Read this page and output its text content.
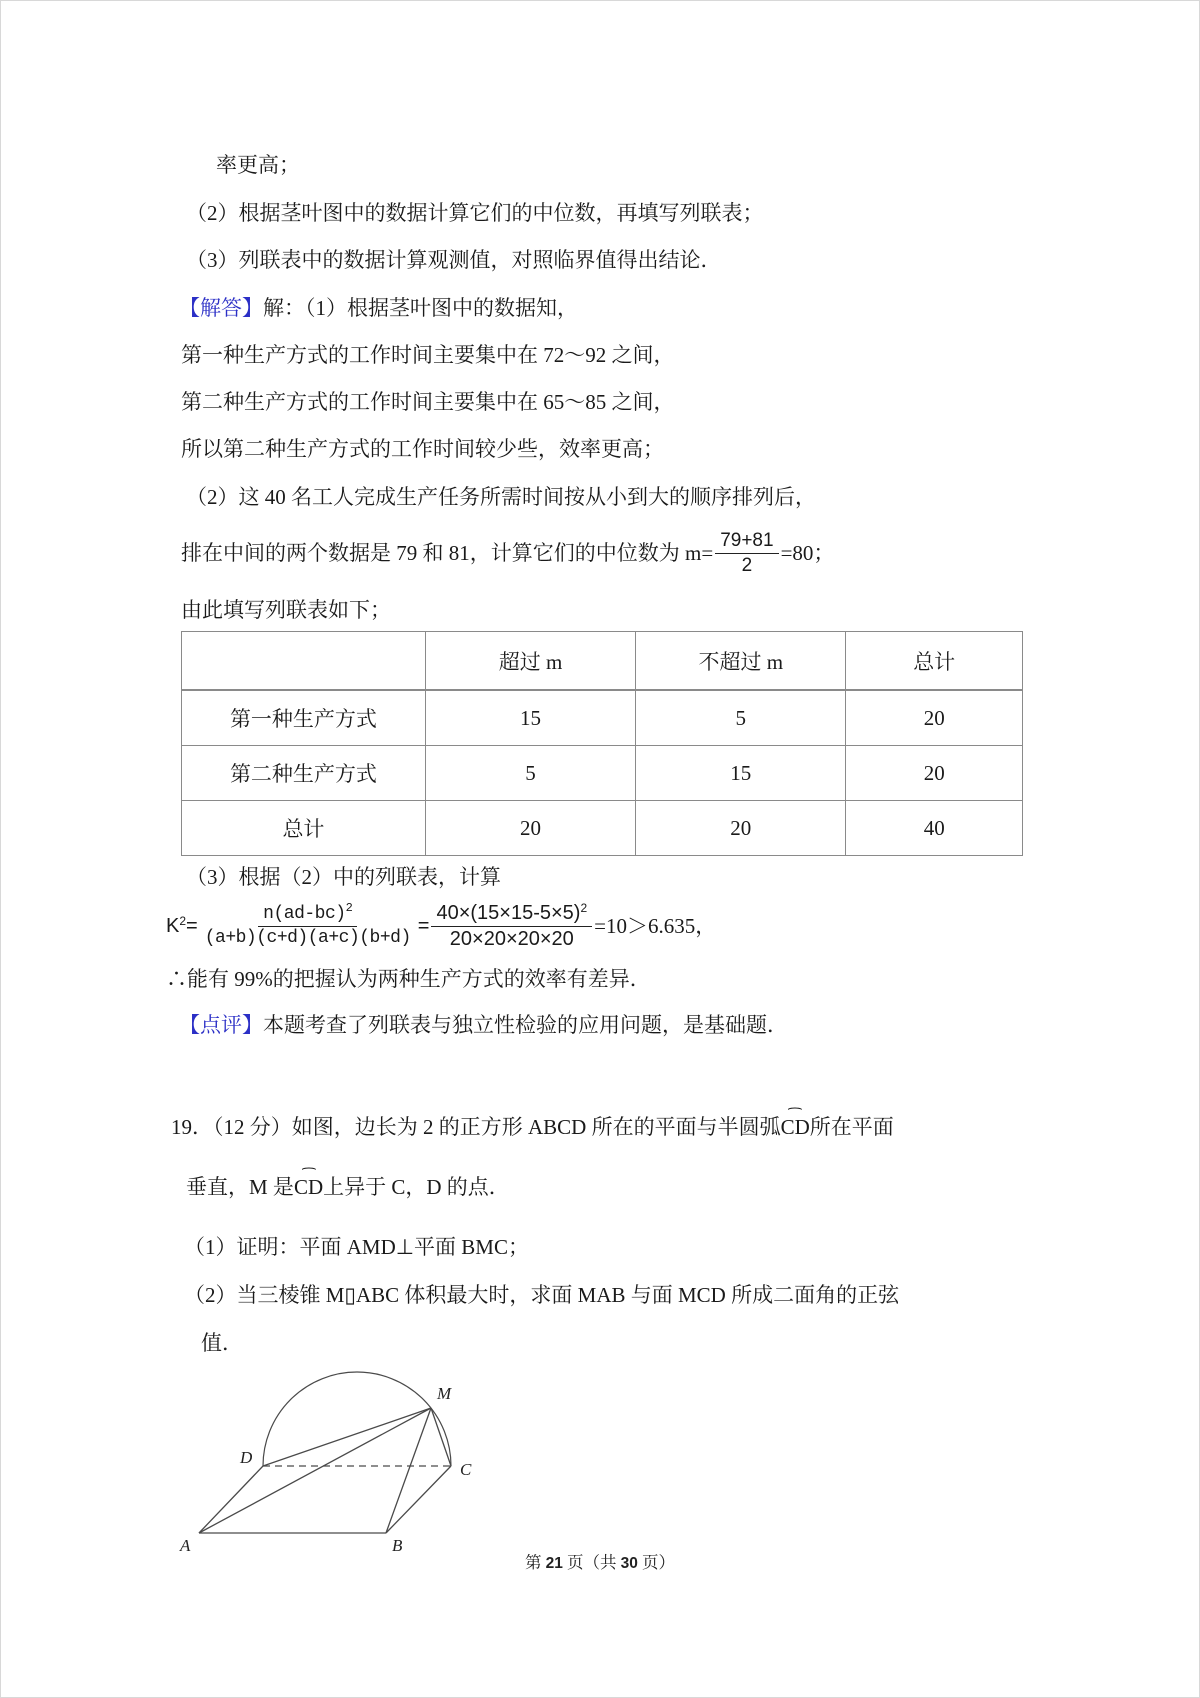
率更高；
（2）根据茎叶图中的数据计算它们的中位数，再填写列联表；
（3）列联表中的数据计算观测值，对照临界值得出结论．
【解答】解：（1）根据茎叶图中的数据知，
第一种生产方式的工作时间主要集中在 72～92 之间，
第二种生产方式的工作时间主要集中在 65～85 之间，
所以第二种生产方式的工作时间较少些，效率更高；
（2）这 40 名工人完成生产任务所需时间按从小到大的顺序排列后，
排在中间的两个数据是 79 和 81，计算它们的中位数为 $m= \frac{79+81}{2} =80$；
由此填写列联表如下；
	超过 m	不超过 m	总计
第一种生产方式	15	5	20
第二种生产方式	5	15	20
总计	20	20	40
（3）根据（2）中的列联表，计算
$K^2= \frac{n(ad-bc)^2}{(a+b)(c+d)(a+c)(b+d)} = \frac{40\times(15\times 15-5\times 5)^2}{20\times 20\times 20\times 20} =10>6.635$，
∴能有 99%的把握认为两种生产方式的效率有差异．
【点评】本题考查了列联表与独立性检验的应用问题，是基础题．
19．（12 分）如图，边长为 2 的正方形 ABCD 所在的平面与半圆弧
⌢
CD所在平面
垂直，M 是
⌢
CD上异于 C，D 的点．
（1）证明：平面 AMD⊥平面 BMC；
（2）当三棱锥 M▯ABC 体积最大时，求面 MAB 与面 MCD 所成二面角的正弦
值．
A	B
C
D
M
第 21 页（共 30 页）
